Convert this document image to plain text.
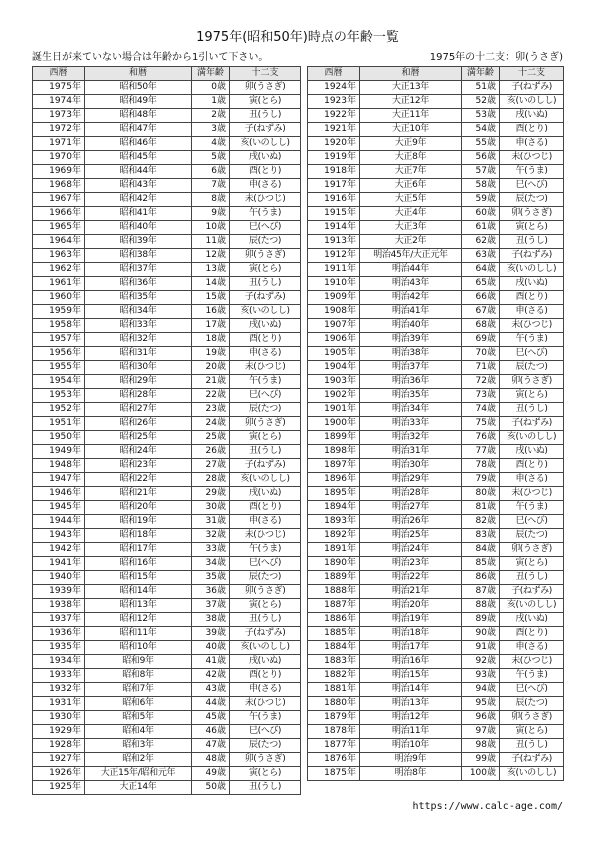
1975年(昭和50年)時点の年齢一覧
誕生日が来ていない場合は年齢から1引いて下さい。	1975年の十二支：卯(うさぎ)
西暦	和暦	満年齢	十二支
1975年	昭和50年	0歳	卯(うさぎ)
1974年	昭和49年	1歳	寅(とら)
1973年	昭和48年	2歳	丑(うし)
1972年	昭和47年	3歳	子(ねずみ)
1971年	昭和46年	4歳	亥(いのしし)
1970年	昭和45年	5歳	戌(いぬ)
1969年	昭和44年	6歳	酉(とり)
1968年	昭和43年	7歳	申(さる)
1967年	昭和42年	8歳	未(ひつじ)
1966年	昭和41年	9歳	午(うま)
1965年	昭和40年	10歳	巳(へび)
1964年	昭和39年	11歳	辰(たつ)
1963年	昭和38年	12歳	卯(うさぎ)
1962年	昭和37年	13歳	寅(とら)
1961年	昭和36年	14歳	丑(うし)
1960年	昭和35年	15歳	子(ねずみ)
1959年	昭和34年	16歳	亥(いのしし)
1958年	昭和33年	17歳	戌(いぬ)
1957年	昭和32年	18歳	酉(とり)
1956年	昭和31年	19歳	申(さる)
1955年	昭和30年	20歳	未(ひつじ)
1954年	昭和29年	21歳	午(うま)
1953年	昭和28年	22歳	巳(へび)
1952年	昭和27年	23歳	辰(たつ)
1951年	昭和26年	24歳	卯(うさぎ)
1950年	昭和25年	25歳	寅(とら)
1949年	昭和24年	26歳	丑(うし)
1948年	昭和23年	27歳	子(ねずみ)
1947年	昭和22年	28歳	亥(いのしし)
1946年	昭和21年	29歳	戌(いぬ)
1945年	昭和20年	30歳	酉(とり)
1944年	昭和19年	31歳	申(さる)
1943年	昭和18年	32歳	未(ひつじ)
1942年	昭和17年	33歳	午(うま)
1941年	昭和16年	34歳	巳(へび)
1940年	昭和15年	35歳	辰(たつ)
1939年	昭和14年	36歳	卯(うさぎ)
1938年	昭和13年	37歳	寅(とら)
1937年	昭和12年	38歳	丑(うし)
1936年	昭和11年	39歳	子(ねずみ)
1935年	昭和10年	40歳	亥(いのしし)
1934年	昭和9年	41歳	戌(いぬ)
1933年	昭和8年	42歳	酉(とり)
1932年	昭和7年	43歳	申(さる)
1931年	昭和6年	44歳	未(ひつじ)
1930年	昭和5年	45歳	午(うま)
1929年	昭和4年	46歳	巳(へび)
1928年	昭和3年	47歳	辰(たつ)
1927年	昭和2年	48歳	卯(うさぎ)
1926年	大正15年/昭和元年	49歳	寅(とら)
1925年	大正14年	50歳	丑(うし)
西暦	和暦	満年齢	十二支
1924年	大正13年	51歳	子(ねずみ)
1923年	大正12年	52歳	亥(いのしし)
1922年	大正11年	53歳	戌(いぬ)
1921年	大正10年	54歳	酉(とり)
1920年	大正9年	55歳	申(さる)
1919年	大正8年	56歳	未(ひつじ)
1918年	大正7年	57歳	午(うま)
1917年	大正6年	58歳	巳(へび)
1916年	大正5年	59歳	辰(たつ)
1915年	大正4年	60歳	卯(うさぎ)
1914年	大正3年	61歳	寅(とら)
1913年	大正2年	62歳	丑(うし)
1912年	明治45年/大正元年	63歳	子(ねずみ)
1911年	明治44年	64歳	亥(いのしし)
1910年	明治43年	65歳	戌(いぬ)
1909年	明治42年	66歳	酉(とり)
1908年	明治41年	67歳	申(さる)
1907年	明治40年	68歳	未(ひつじ)
1906年	明治39年	69歳	午(うま)
1905年	明治38年	70歳	巳(へび)
1904年	明治37年	71歳	辰(たつ)
1903年	明治36年	72歳	卯(うさぎ)
1902年	明治35年	73歳	寅(とら)
1901年	明治34年	74歳	丑(うし)
1900年	明治33年	75歳	子(ねずみ)
1899年	明治32年	76歳	亥(いのしし)
1898年	明治31年	77歳	戌(いぬ)
1897年	明治30年	78歳	酉(とり)
1896年	明治29年	79歳	申(さる)
1895年	明治28年	80歳	未(ひつじ)
1894年	明治27年	81歳	午(うま)
1893年	明治26年	82歳	巳(へび)
1892年	明治25年	83歳	辰(たつ)
1891年	明治24年	84歳	卯(うさぎ)
1890年	明治23年	85歳	寅(とら)
1889年	明治22年	86歳	丑(うし)
1888年	明治21年	87歳	子(ねずみ)
1887年	明治20年	88歳	亥(いのしし)
1886年	明治19年	89歳	戌(いぬ)
1885年	明治18年	90歳	酉(とり)
1884年	明治17年	91歳	申(さる)
1883年	明治16年	92歳	未(ひつじ)
1882年	明治15年	93歳	午(うま)
1881年	明治14年	94歳	巳(へび)
1880年	明治13年	95歳	辰(たつ)
1879年	明治12年	96歳	卯(うさぎ)
1878年	明治11年	97歳	寅(とら)
1877年	明治10年	98歳	丑(うし)
1876年	明治9年	99歳	子(ねずみ)
1875年	明治8年	100歳	亥(いのしし)
https://www.calc-age.com/
